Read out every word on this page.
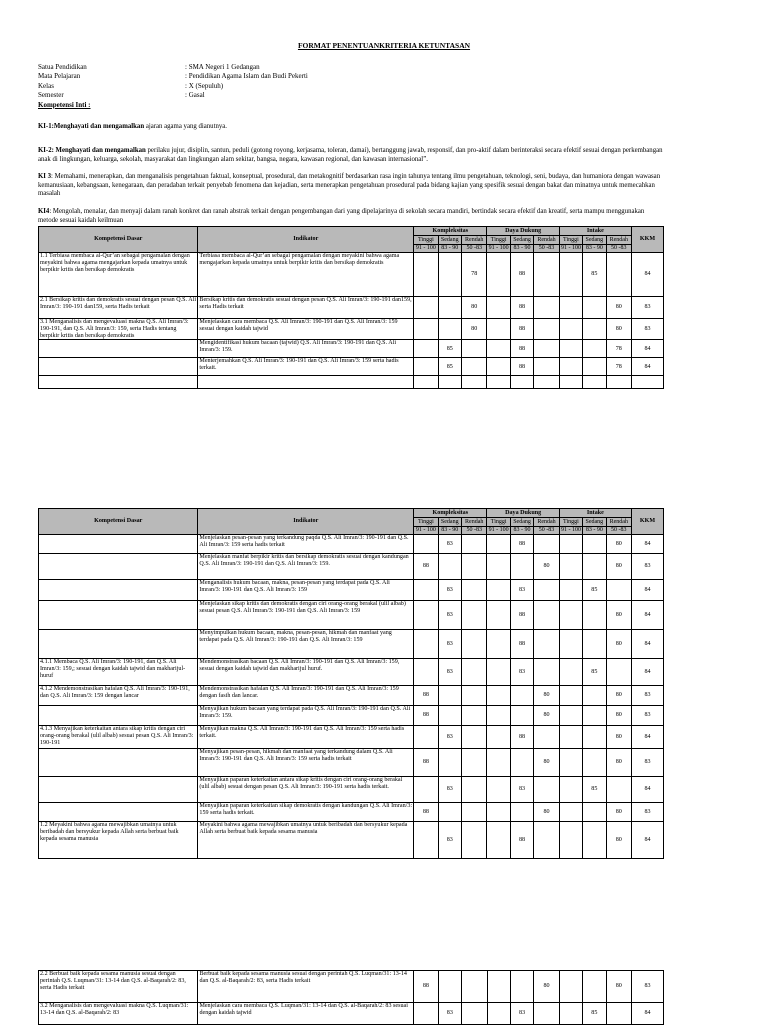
FORMAT PENENTUANKRITERIA KETUNTASAN
Satua Pendidikan	: SMA Negeri 1 Gedangan
Mata Pelajaran	: Pendidikan Agama Islam dan Budi Pekerti
Kelas	: X (Sepuluh)
Semester	: Gasal
Kompetensi Inti :
KI-1:Menghayati dan mengamalkan ajaran agama yang dianutnya.
KI-2: Menghayati dan mengamalkan perilaku jujur, disiplin, santun, peduli (gotong royong, kerjasama, toleran, damai), bertanggung jawab, responsif, dan pro-aktif dalam berinteraksi secara efektif sesuai dengan perkembangan anak di lingkungan, keluarga, sekolah, masyarakat dan lingkungan alam sekitar, bangsa, negara, kawasan regional, dan kawasan internasional”.
KI 3: Memahami, menerapkan, dan menganalisis pengetahuan faktual, konseptual, prosedural, dan metakognitif berdasarkan rasa ingin tahunya tentang ilmu pengetahuan, teknologi, seni, budaya, dan humaniora dengan wawasan kemanusiaan, kebangsaan, kenegaraan, dan peradaban terkait penyebab fenomena dan kejadian, serta menerapkan pengetahuan prosedural pada bidang kajian yang spesifik sesuai dengan bakat dan minatnya untuk memecahkan masalah
KI4: Mengolah, menalar, dan menyaji dalam ranah konkret dan ranah abstrak terkait dengan pengembangan dari yang dipelajarinya di sekolah secara mandiri, bertindak secara efektif dan kreatif, serta mampu menggunakan metode sesuai kaidah keilmuan
Kompetensi Dasar	Indikator	Kompleksitas			Daya Dukung			Intake			KKM
		Tinggi	Sedang	Rendah	Tinggi	Sedang	Rendah	Tinggi	Sedang	Rendah	
		91 - 100	83 - 90	50 -83	91 - 100	83 - 90	50 -83	91 - 100	83 - 90	50 -83	
1.1 Terbiasa membaca al-Qur’an sebagai pengamalan dengan meyakini bahwa agama mengajarkan kepada umatnya untuk berpikir kritis dan bersikap demokratis	Terbiasa membaca al-Qur’an sebagai pengamalan dengan meyakini bahwa agama mengajarkan kepada umatnya untuk berpikir kritis dan bersikap demokratis			78		88			85		84
2.1 Bersikap kritis dan demokratis sesuai dengan pesan Q.S. Ali Imran/3: 190-191 dan159, serta Hadis terkait	Bersikap kritis dan demokratis sesuai dengan pesan Q.S. Ali Imran/3: 190-191 dan159, serta Hadis terkait			80		88				80	83
3.1 Menganalisis dan mengevaluasi makna Q.S. Ali Imran/3: 190-191, dan Q.S. Ali Imran/3: 159, serta Hadis tentang berpikir kritis dan bersikap demokratis	Menjelaskan cara membaca Q.S. Ali Imran/3: 190-191 dan Q.S. Ali Imran/3: 159 sesuai dengan kaidah tajwid			80		88				80	83
	Mengidentifikasi hukum bacaan (tajwid) Q.S. Ali Imran/3: 190-191 dan Q.S. Ali Imran/3: 159.		85			88				78	84
	Menterjemahkan Q.S. Ali Imran/3: 190-191 dan Q.S. Ali Imran/3: 159 serta hadis terkait.		85			88				78	84

Kompetensi Dasar	Indikator	Kompleksitas			Daya Dukung			Intake			KKM
		Tinggi	Sedang	Rendah	Tinggi	Sedang	Rendah	Tinggi	Sedang	Rendah	
		91 - 100	83 - 90	50 -83	91 - 100	83 - 90	50 -83	91 - 100	83 - 90	50 -83	
	Menjelaskan pesan-pesan yang terkandung paqda Q.S. Ali Imran/3: 190-191 dan Q.S. Ali Imran/3: 159 serta hadis terkait		83			88				80	84
	Menjelaskan manfat berpikir kritis dan bersikap demokratis sesuai dengan kandungan Q.S. Ali Imran/3: 190-191 dan Q.S. Ali Imran/3: 159.	88					80			80	83
	Menganalisis hukum bacaan, makna, pesan-pesan yang terdapat pada Q.S. Ali Imran/3: 190-191 dan Q.S. Ali Imran/3: 159		83			83			85		84
	Menjelaskan sikap kritis dan demokratis dengan ciri orang-orang berakal (ulil albab) sesuai pesan Q.S. Ali Imran/3: 190-191 dan Q.S. Ali Imran/3: 159		83			88				80	84
	Menyimpulkan hukum bacaan, makna, pesan-pesan, hikmah dan manfaat yang terdapat pada Q.S. Ali Imran/3: 190-191 dan Q.S. Ali Imran/3: 159		83			88				80	84
4.1.1 Membaca Q.S. Ali Imran/3: 190-191, dan Q.S. Ali Imran/3: 159,; sesuai dengan kaidah tajwid dan makharijul-huruf	Mendemonstrasikan bacaan Q.S. Ali Imran/3: 190-191 dan Q.S. Ali Imran/3: 159, sesuai dengan kaidah tajwid dan makharijul huruf.		83			83			85		84
4.1.2 Mendemonstrasikan hafalan Q.S. Ali Imran/3: 190-191, dan Q.S. Ali Imran/3: 159 dengan lancar	Mendemonstrasikan hafalan Q.S. Ali Imran/3: 190-191 dan Q.S. Ali Imran/3: 159 dengan fasih dan lancar.	88					80			80	83
	Menyajikan hukum bacaan yang terdapat pada Q.S. Ali Imran/3: 190-191 dan Q.S. Ali Imran/3: 159.	88					80			80	83
4.1.3 Menyajikan keterkaitan antara sikap kritis dengan ciri orang-orang berakal (ulil albab) sesuai pesan Q.S. Ali Imran/3: 190-191	Menyajikan makna Q.S. Ali Imran/3: 190-191 dan Q.S. Ali Imran/3: 159 serta hadis terkait.		83			88				80	84
	Menyajikan pesan-pesan, hikmah dan manfaat yang terkandung dalam Q.S. Ali Imran/3: 190-191 dan Q.S. Ali Imran/3: 159 serta hadis terkait	88					80			80	83
	Menyajikan paparan keterkaitan antara sikap kritis dengan ciri orang-orang berakal (ulil albab) sesuai dengan pesan Q.S. Ali Imran/3: 190-191 serta hadis terkait.		83			83			85		84
	Menyajikan paparan keterkaitan sikap demokratis dengan kandungan Q.S. Ali Imran/3: 159 serta hadis terkait.	88					80			80	83
1.2 Meyakini bahwa agama mewajibkan umatnya untuk beribadah dan bersyukur kepada Allah serta berbuat baik kepada sesama manusia	Meyakini bahwa agama mewajibkan umatnya untuk beribadah dan bersyukur kepada Allah serta berbuat baik kepada sesama manusia		83			88				80	84
2.2 Berbuat baik kepada sesama manusia sesuai dengan perintah Q.S. Luqman/31: 13-14 dan Q.S. al-Baqarah/2: 83, serta Hadis terkait	Berbuat baik kepada sesama manusia sesuai dengan perintah Q.S. Luqman/31: 13-14 dan Q.S. al-Baqarah/2: 83, serta Hadis terkait	88					80			80	83
3.2 Menganalisis dan mengevaluasi makna Q.S. Luqman/31: 13-14 dan Q.S. al-Baqarah/2: 83	Menjelaskan cara membaca Q.S. Luqman/31: 13-14 dan Q.S. al-Baqarah/2: 83 sesuai dengan kaidah tajwid		83			83			85		84
